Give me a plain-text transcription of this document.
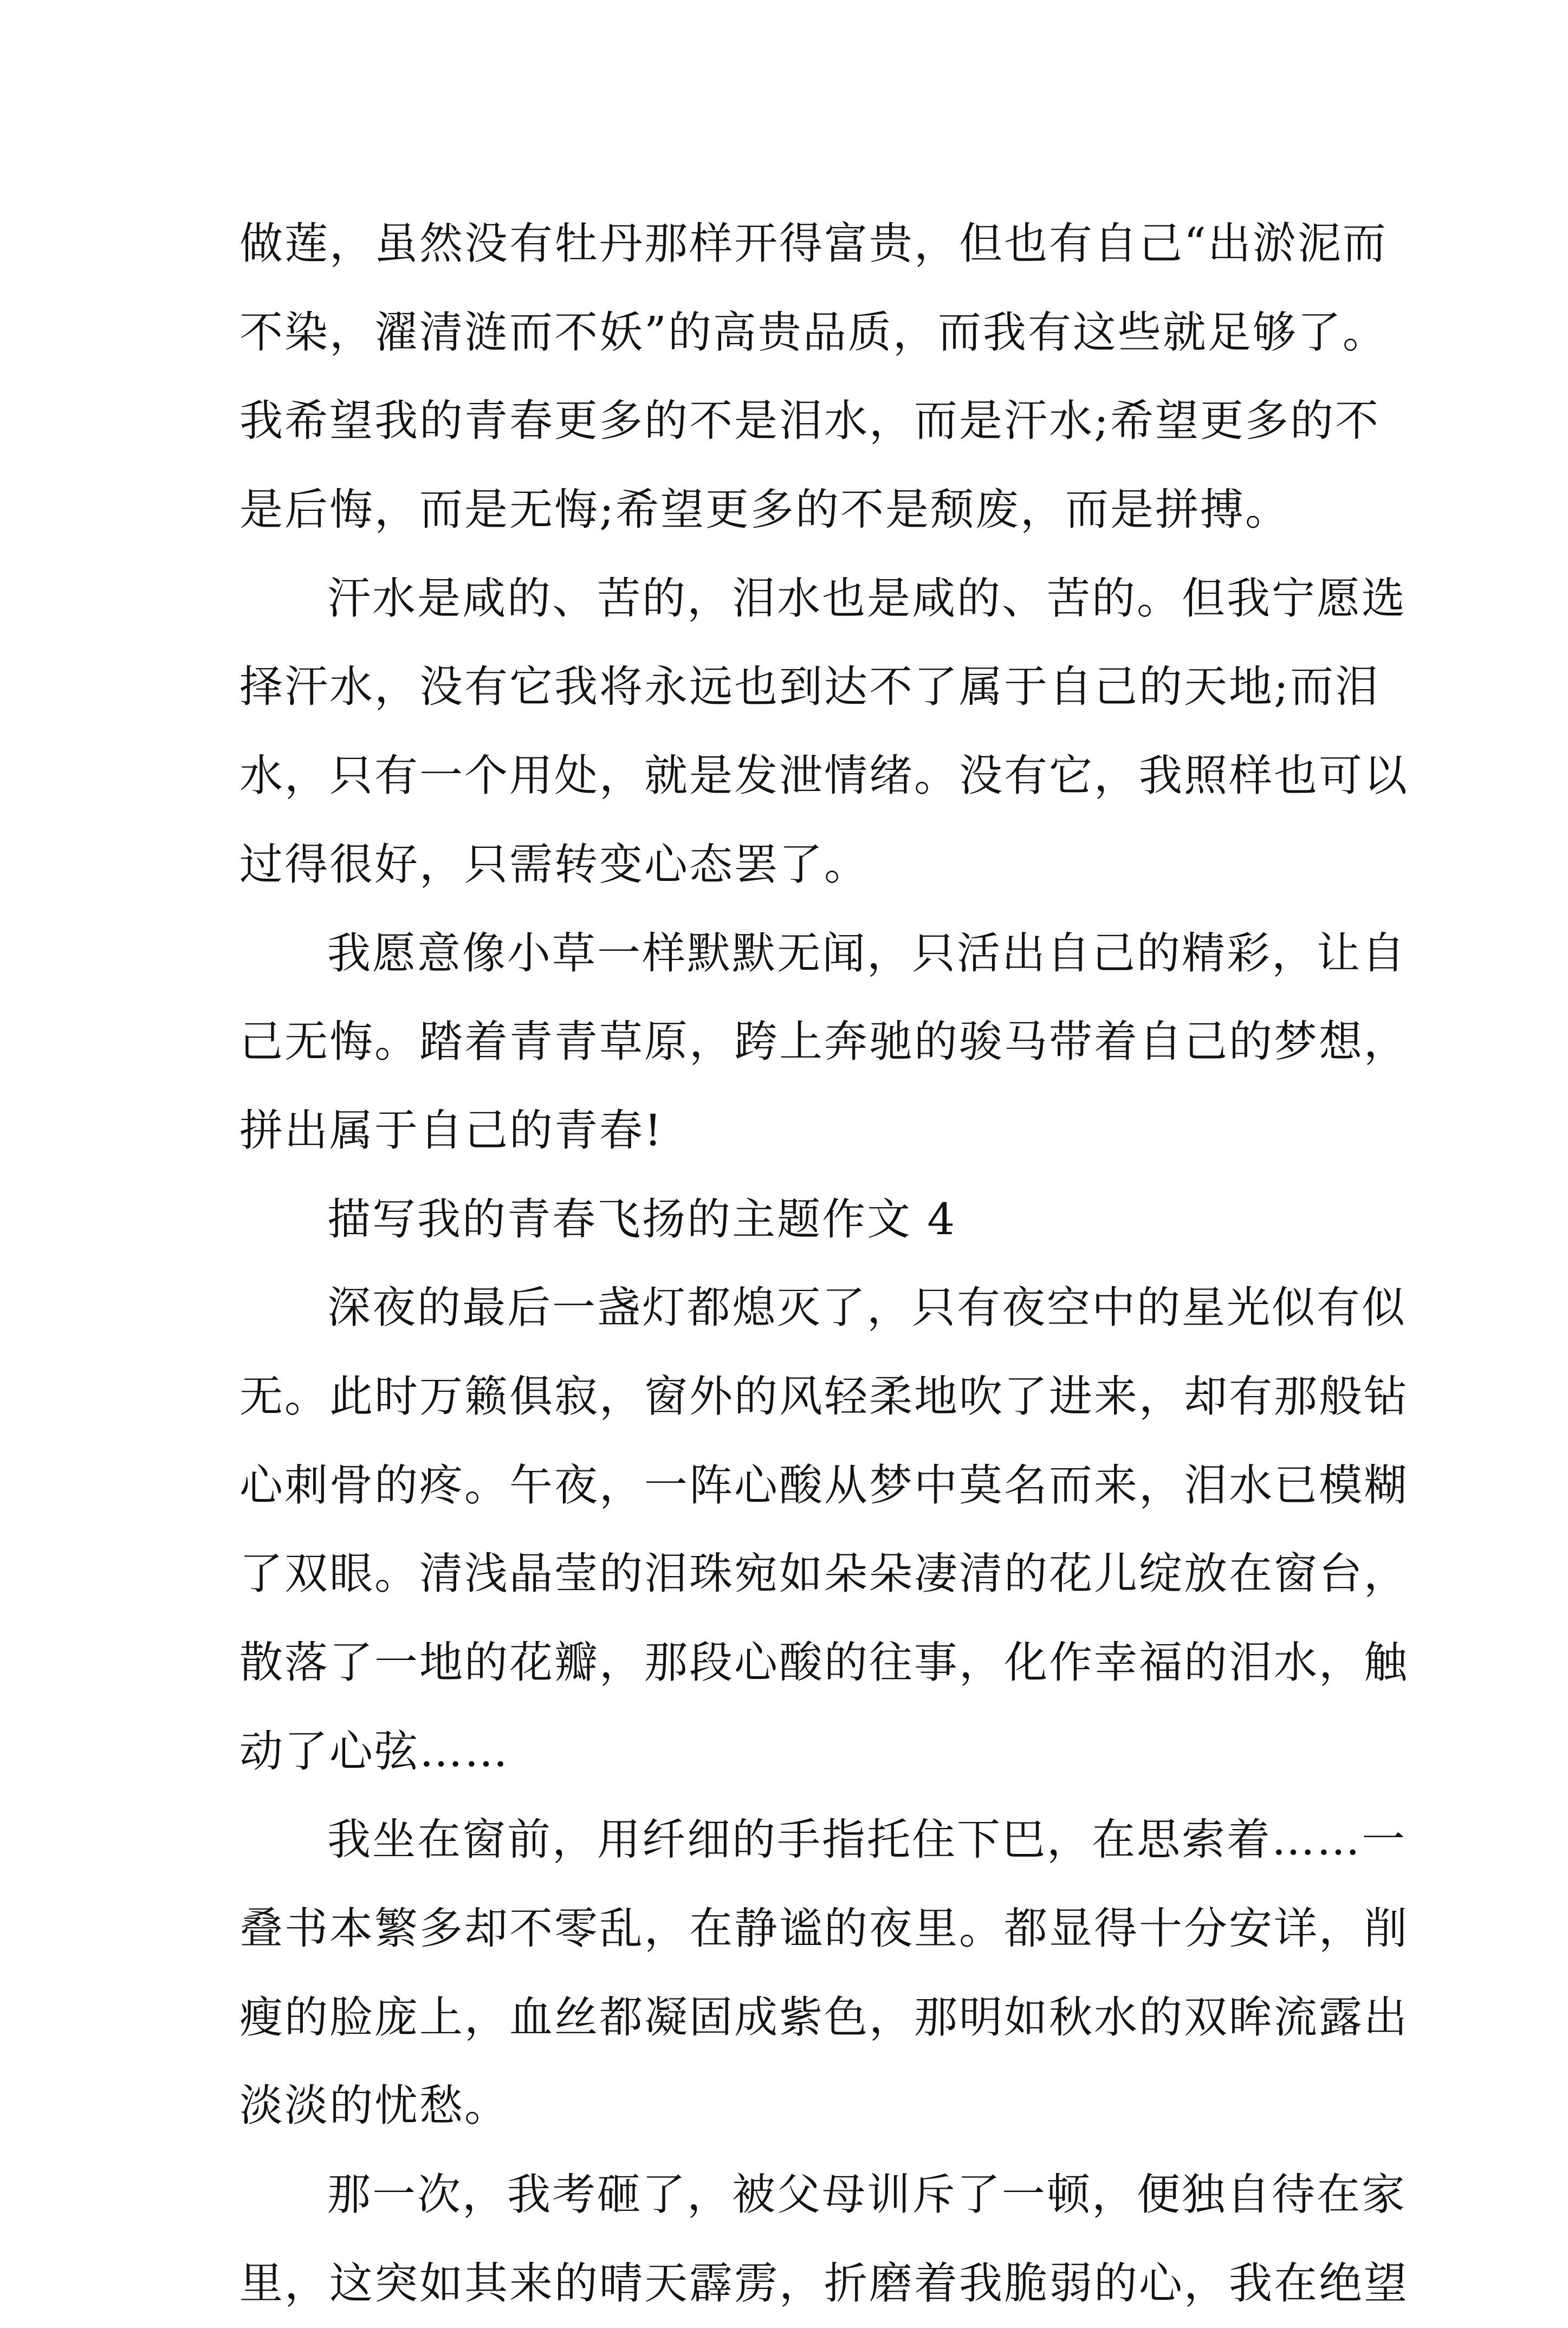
做莲，虽然没有牡丹那样开得富贵，但也有自己“出淤泥而
不染，濯清涟而不妖”的高贵品质，而我有这些就足够了。
我希望我的青春更多的不是泪水，而是汗水;希望更多的不
是后悔，而是无悔;希望更多的不是颓废，而是拼搏。
汗水是咸的、苦的，泪水也是咸的、苦的。但我宁愿选
择汗水，没有它我将永远也到达不了属于自己的天地;而泪
水，只有一个用处，就是发泄情绪。没有它，我照样也可以
过得很好，只需转变心态罢了。
我愿意像小草一样默默无闻，只活出自己的精彩，让自
己无悔。踏着青青草原，跨上奔驰的骏马带着自己的梦想，
拼出属于自己的青春!
描写我的青春飞扬的主题作文 4
深夜的最后一盏灯都熄灭了，只有夜空中的星光似有似
无。此时万籁俱寂，窗外的风轻柔地吹了进来，却有那般钻
心刺骨的疼。午夜，一阵心酸从梦中莫名而来，泪水已模糊
了双眼。清浅晶莹的泪珠宛如朵朵凄清的花儿绽放在窗台，
散落了一地的花瓣，那段心酸的往事，化作幸福的泪水，触
动了心弦……
我坐在窗前，用纤细的手指托住下巴，在思索着……一
叠书本繁多却不零乱，在静谧的夜里。都显得十分安详，削
瘦的脸庞上，血丝都凝固成紫色，那明如秋水的双眸流露出
淡淡的忧愁。
那一次，我考砸了，被父母训斥了一顿，便独自待在家
里，这突如其来的晴天霹雳，折磨着我脆弱的心，我在绝望
